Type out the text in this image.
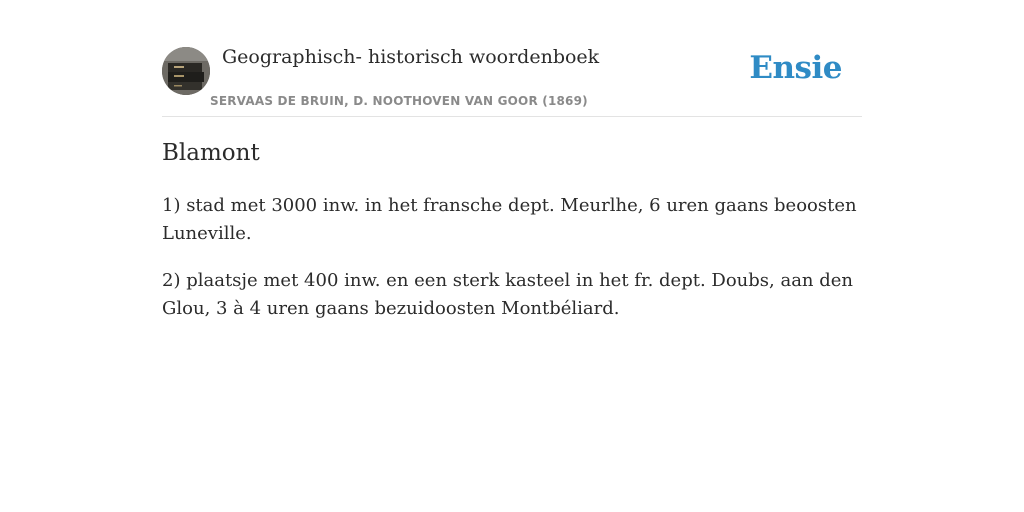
Geographisch- historisch woordenboek
SERVAAS DE BRUIN, D. NOOTHOVEN VAN GOOR (1869)
Ensie
Blamont

1) stad met 3000 inw. in het fransche dept. Meurlhe, 6 uren gaans beoosten Luneville.

2) plaatsje met 400 inw. en een sterk kasteel in het fr. dept. Doubs, aan den Glou, 3 à 4 uren gaans bezuidoosten Montbéliard.
